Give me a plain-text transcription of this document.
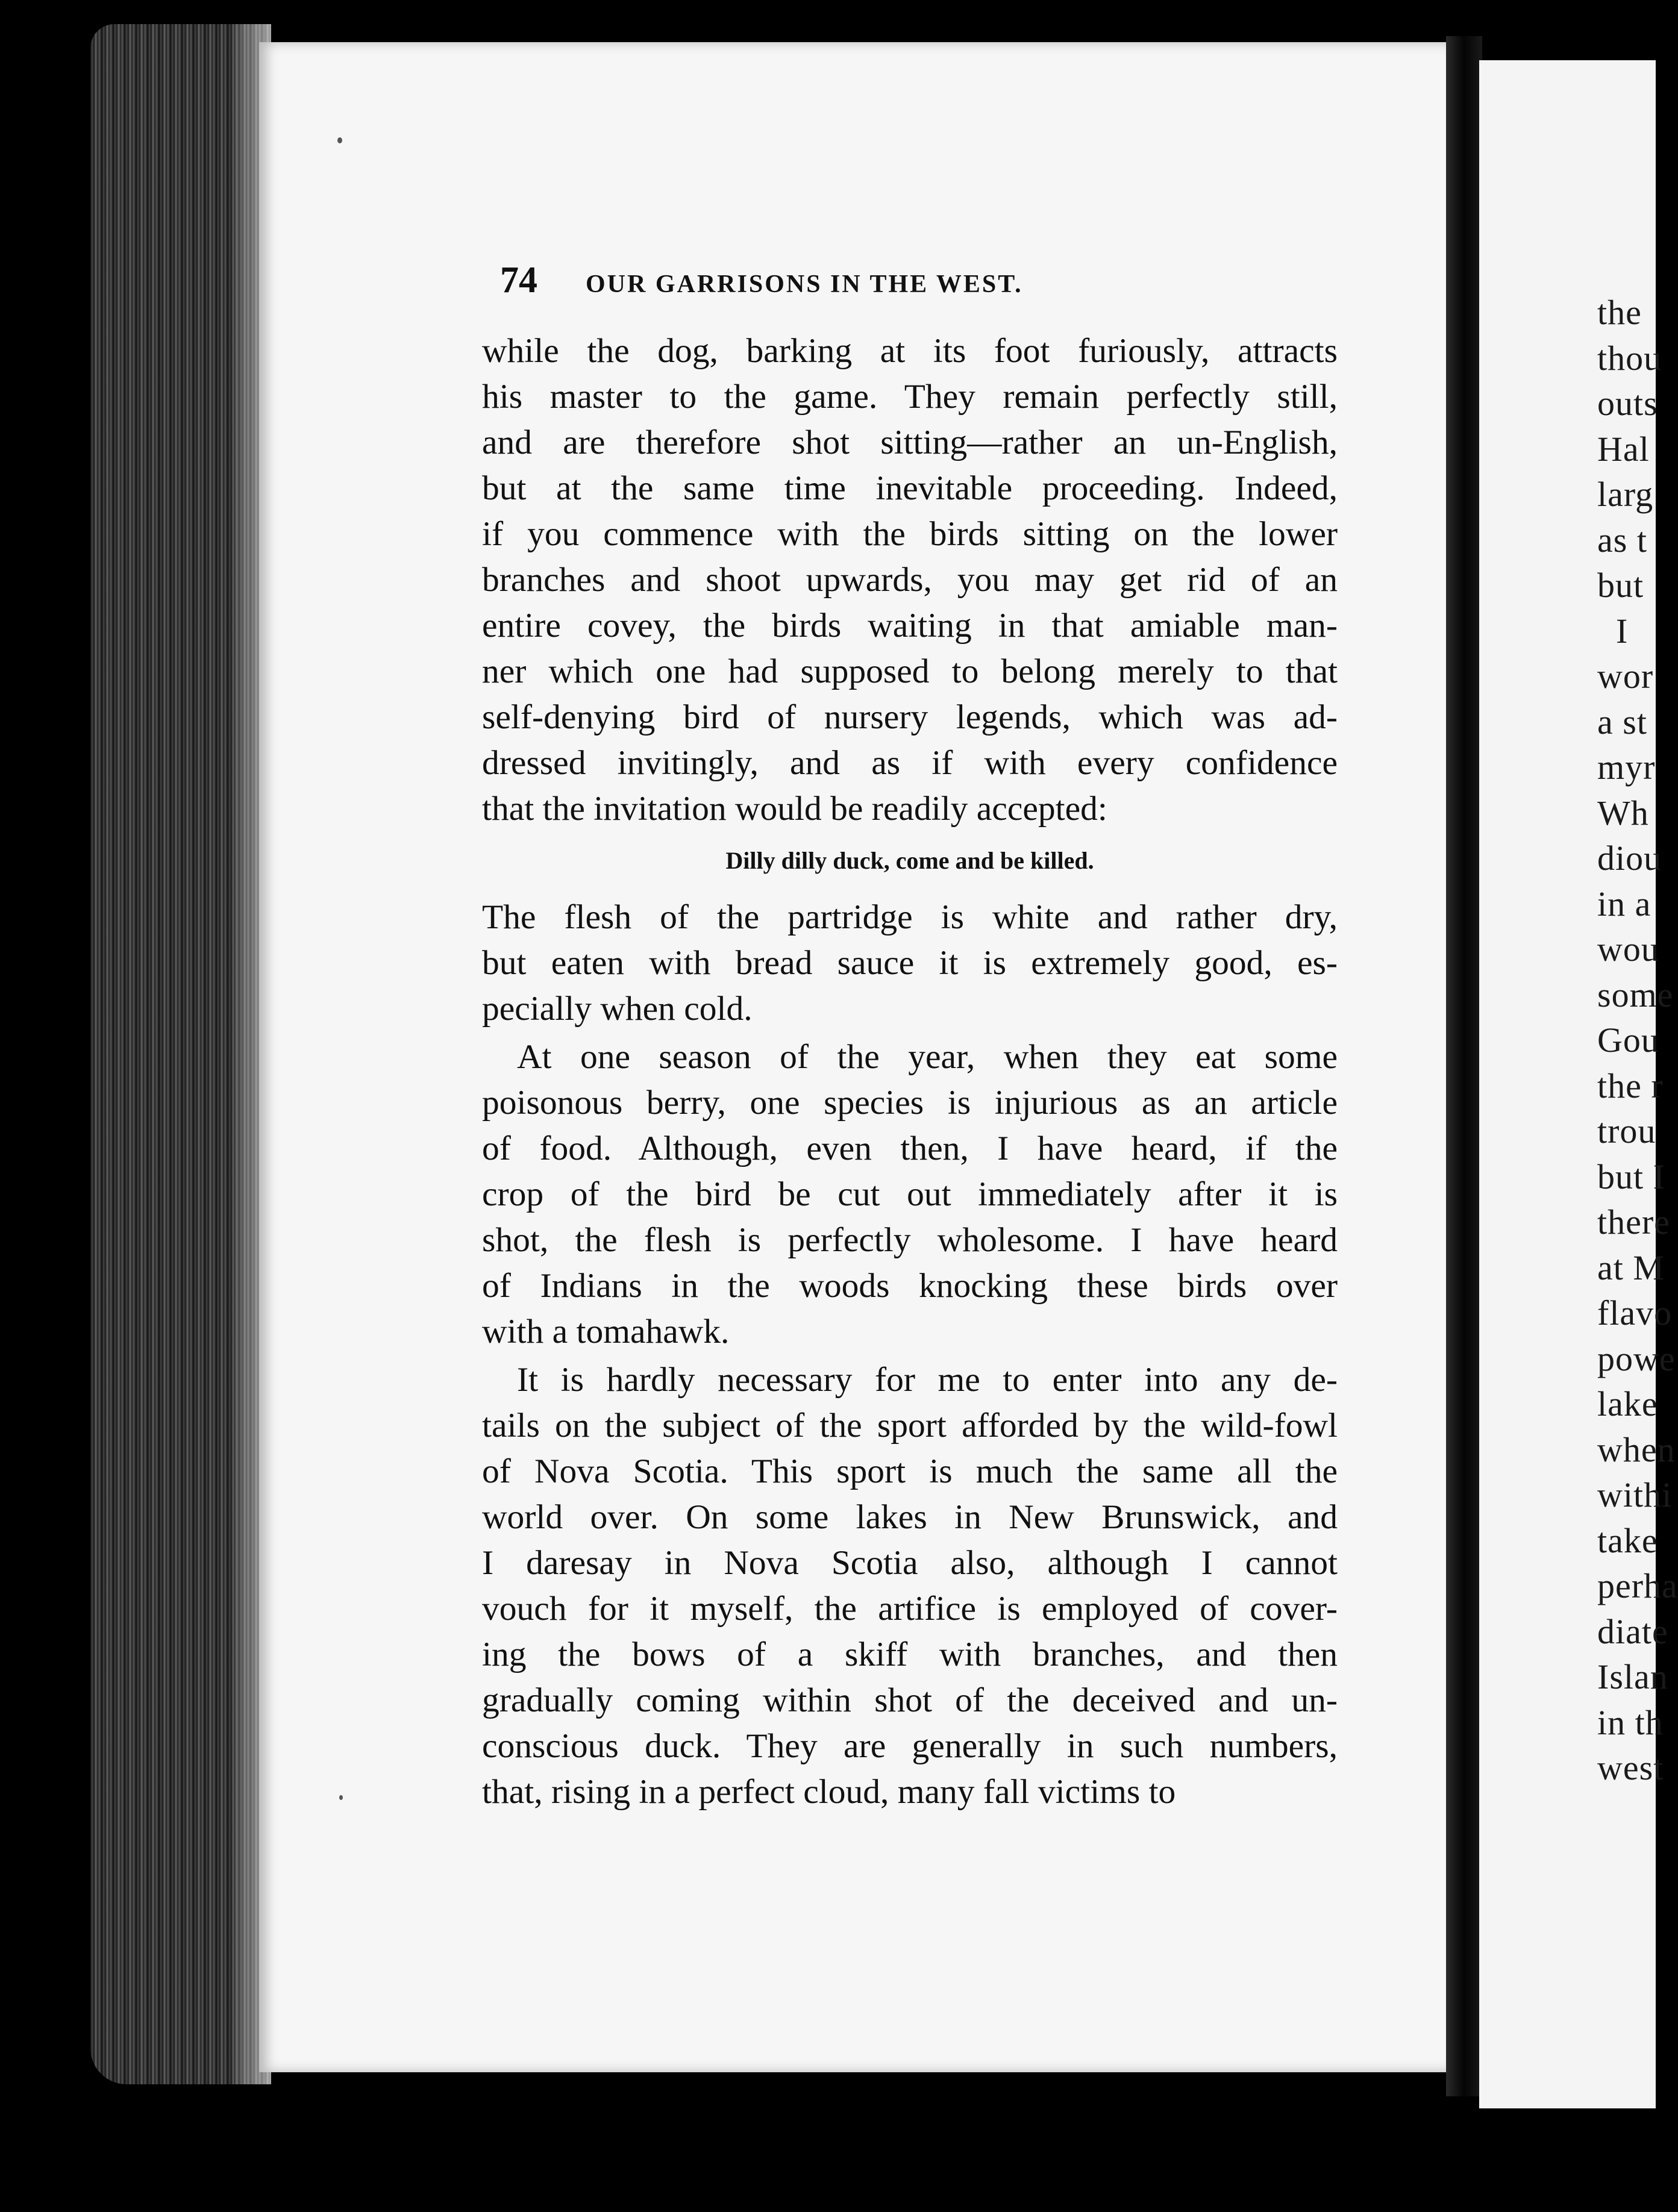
the
thou
outs
Hal
larg
as t
but
I
wor
a st
myr
Wh
diou
in a
wou
some
Gou
the r
trou
but I
there
at M
flavo
powe
lake
when
withi
take
perha
diate
Islan
in th
west
74 OUR GARRISONS IN THE WEST.

while the dog, barking at its foot furiously, attracts
his master to the game. They remain perfectly still,
and are therefore shot sitting—rather an un-English,
but at the same time inevitable proceeding. Indeed,
if you commence with the birds sitting on the lower
branches and shoot upwards, you may get rid of an
entire covey, the birds waiting in that amiable man-
ner which one had supposed to belong merely to that
self-denying bird of nursery legends, which was ad-
dressed invitingly, and as if with every confidence
that the invitation would be readily accepted:

Dilly dilly duck, come and be killed.

The flesh of the partridge is white and rather dry,
but eaten with bread sauce it is extremely good, es-
pecially when cold.

At one season of the year, when they eat some
poisonous berry, one species is injurious as an article
of food. Although, even then, I have heard, if the
crop of the bird be cut out immediately after it is
shot, the flesh is perfectly wholesome. I have heard
of Indians in the woods knocking these birds over
with a tomahawk.

It is hardly necessary for me to enter into any de-
tails on the subject of the sport afforded by the wild-fowl
of Nova Scotia. This sport is much the same all the
world over. On some lakes in New Brunswick, and
I daresay in Nova Scotia also, although I cannot
vouch for it myself, the artifice is employed of cover-
ing the bows of a skiff with branches, and then
gradually coming within shot of the deceived and un-
conscious duck. They are generally in such numbers,
that, rising in a perfect cloud, many fall victims to
